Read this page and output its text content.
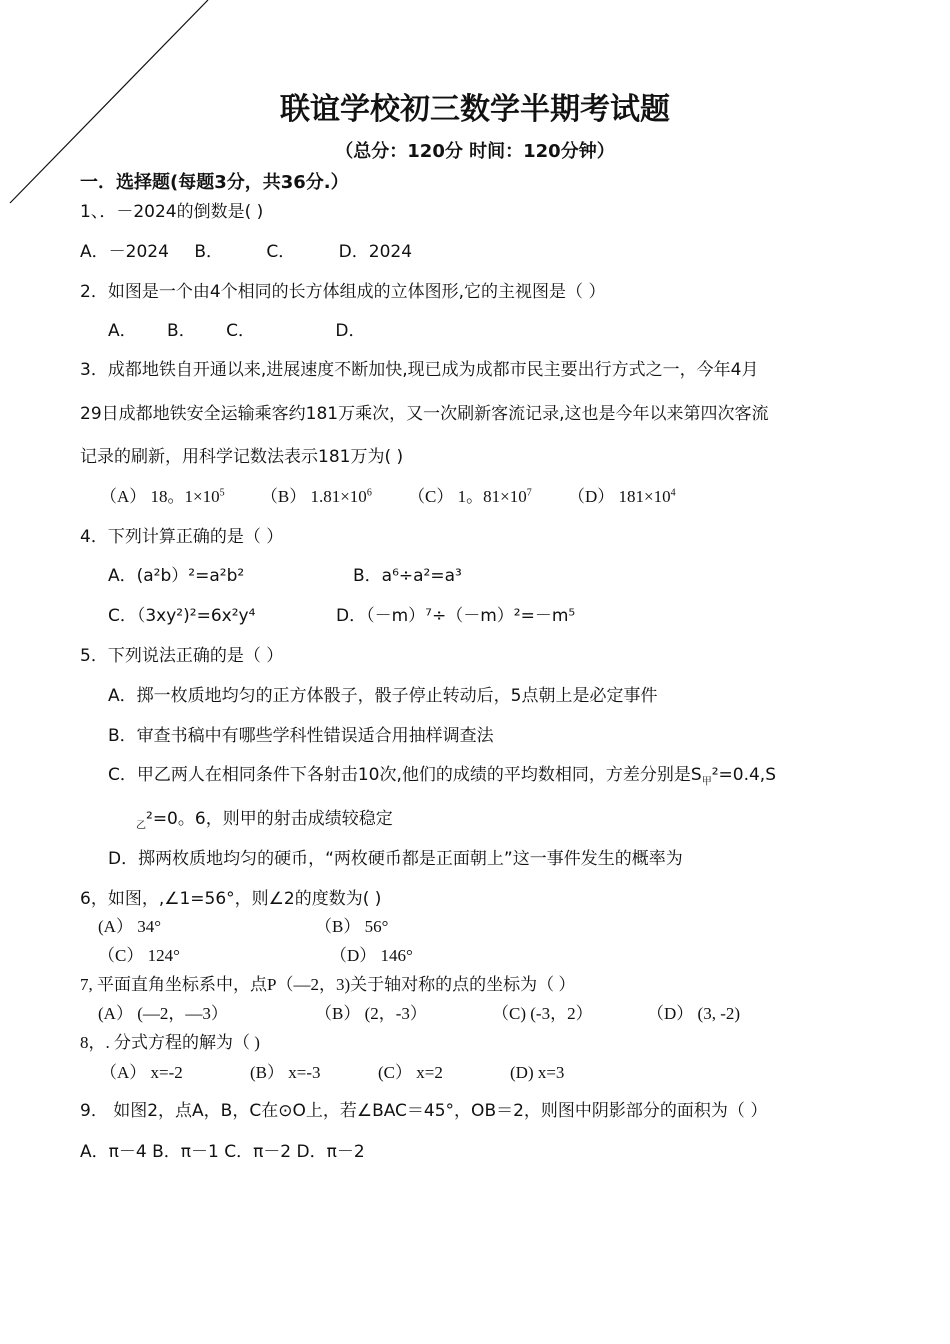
联谊学校初三数学半期考试题
（总分：120分 时间：120分钟）
一．选择题(每题3分，共36分.）
1、．－2024的倒数是( )
A．－2024 B．	C．	D．2024
2．如图是一个由4个相同的长方体组成的立体图形,它的主视图是（ ）
A． B． C．	D．
3．成都地铁自开通以来,进展速度不断加快,现已成为成都市民主要出行方式之一，今年4月
29日成都地铁安全运输乘客约181万乘次，又一次刷新客流记录,这也是今年以来第四次客流
记录的刷新，用科学记数法表示181万为( )
（A） 18。$1\times 10^5$ （B） $1.81\times 10^6$ （C） 1。$81\times 10^7$ （D） $181\times 10^4$
4．下列计算正确的是（ ）
A．(a²b）²=a²b²	B．a⁶÷a²=a³
C．（3xy²)²=6x²y⁴	D．（－m）⁷÷（－m）²=－m⁵
5．下列说法正确的是（ ）
A．掷一枚质地均匀的正方体骰子，骰子停止转动后，5点朝上是必定事件
B．审查书稿中有哪些学科性错误适合用抽样调查法
C．甲乙两人在相同条件下各射击10次,他们的成绩的平均数相同，方差分别是$S_甲^2=0.4,S$
$_乙$²=0。6，则甲的射击成绩较稳定
D．掷两枚质地均匀的硬币，“两枚硬币都是正面朝上”这一事件发生的概率为
6，如图，,∠1=56°，则∠2的度数为( )
(A） 34°	（B） 56°
（C） 124°	（D） 146°
7, 平面直角坐标系中，点P（—2，3)关于轴对称的点的坐标为（ ）
(A） (—2，—3）	（B） (2，-3）	（C) (-3，2）	（D） (3, -2)
8，. 分式方程的解为（ )
（A） x=-2	(B） x=-3	(C） x=2	(D) x=3
9． 如图2，点A，B，C在⊙O上，若∠BAC＝45°，OB＝2，则图中阴影部分的面积为（ ）
A．π－4 B．π－1 C．π－2 D．π－2
